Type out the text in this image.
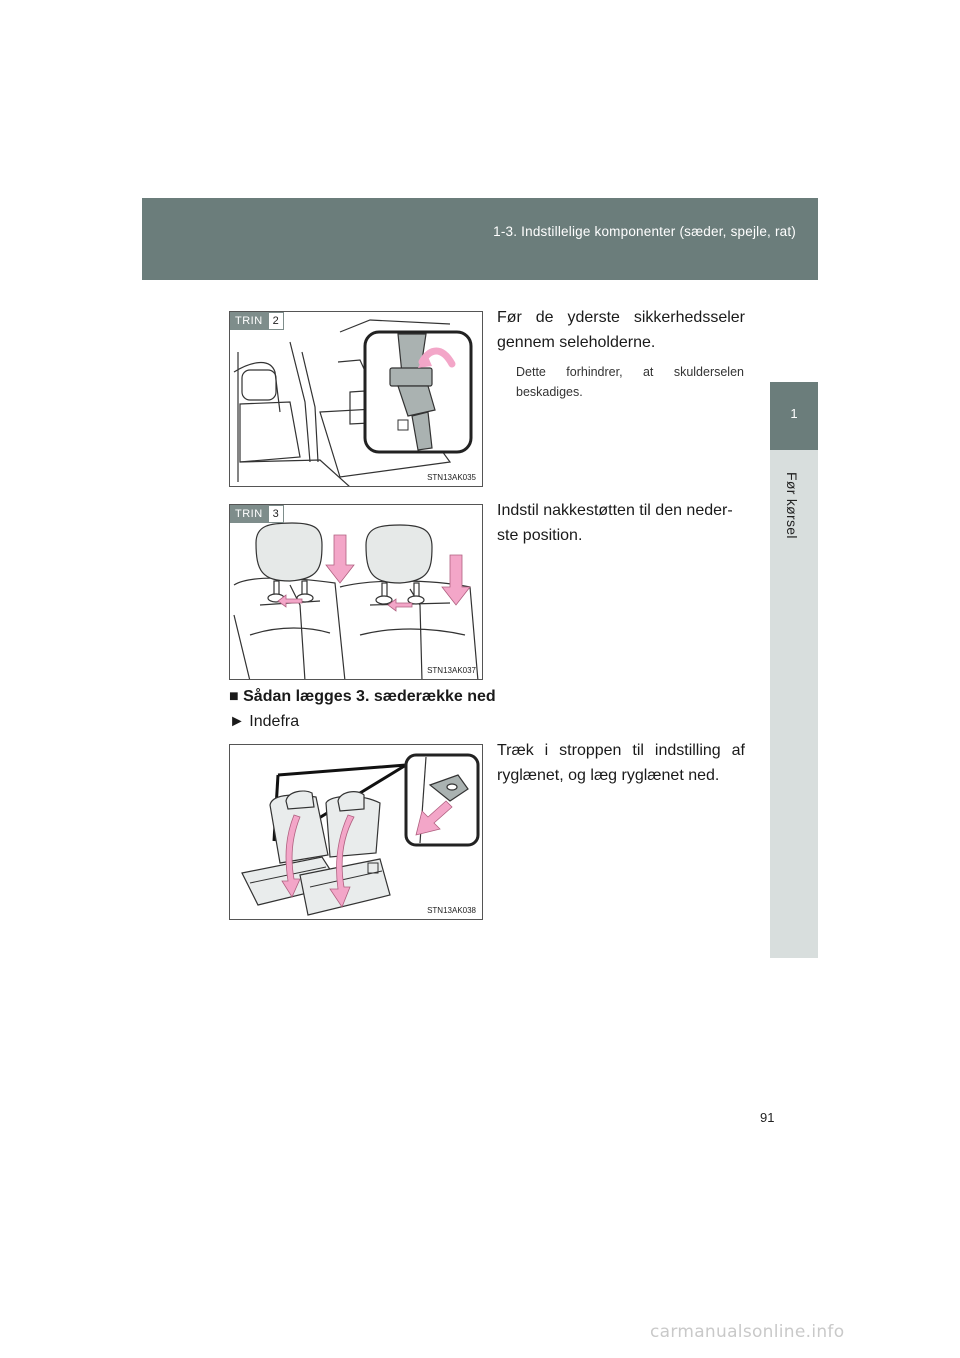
1-3. Indstillelige komponenter (sæder, spejle, rat)
1
Før kørsel
TRIN 2
STN13AK035
Før de yderste sikkerhedsseler gennem seleholderne.
Dette forhindrer, at skulderselen beskadiges.
TRIN 3
STN13AK037
Indstil nakkestøtten til den neder-
ste position.
■ Sådan lægges 3. sæderække ned
► Indefra
STN13AK038
Træk i stroppen til indstilling af ryglænet, og læg ryglænet ned.
91
carmanualsonline.info
